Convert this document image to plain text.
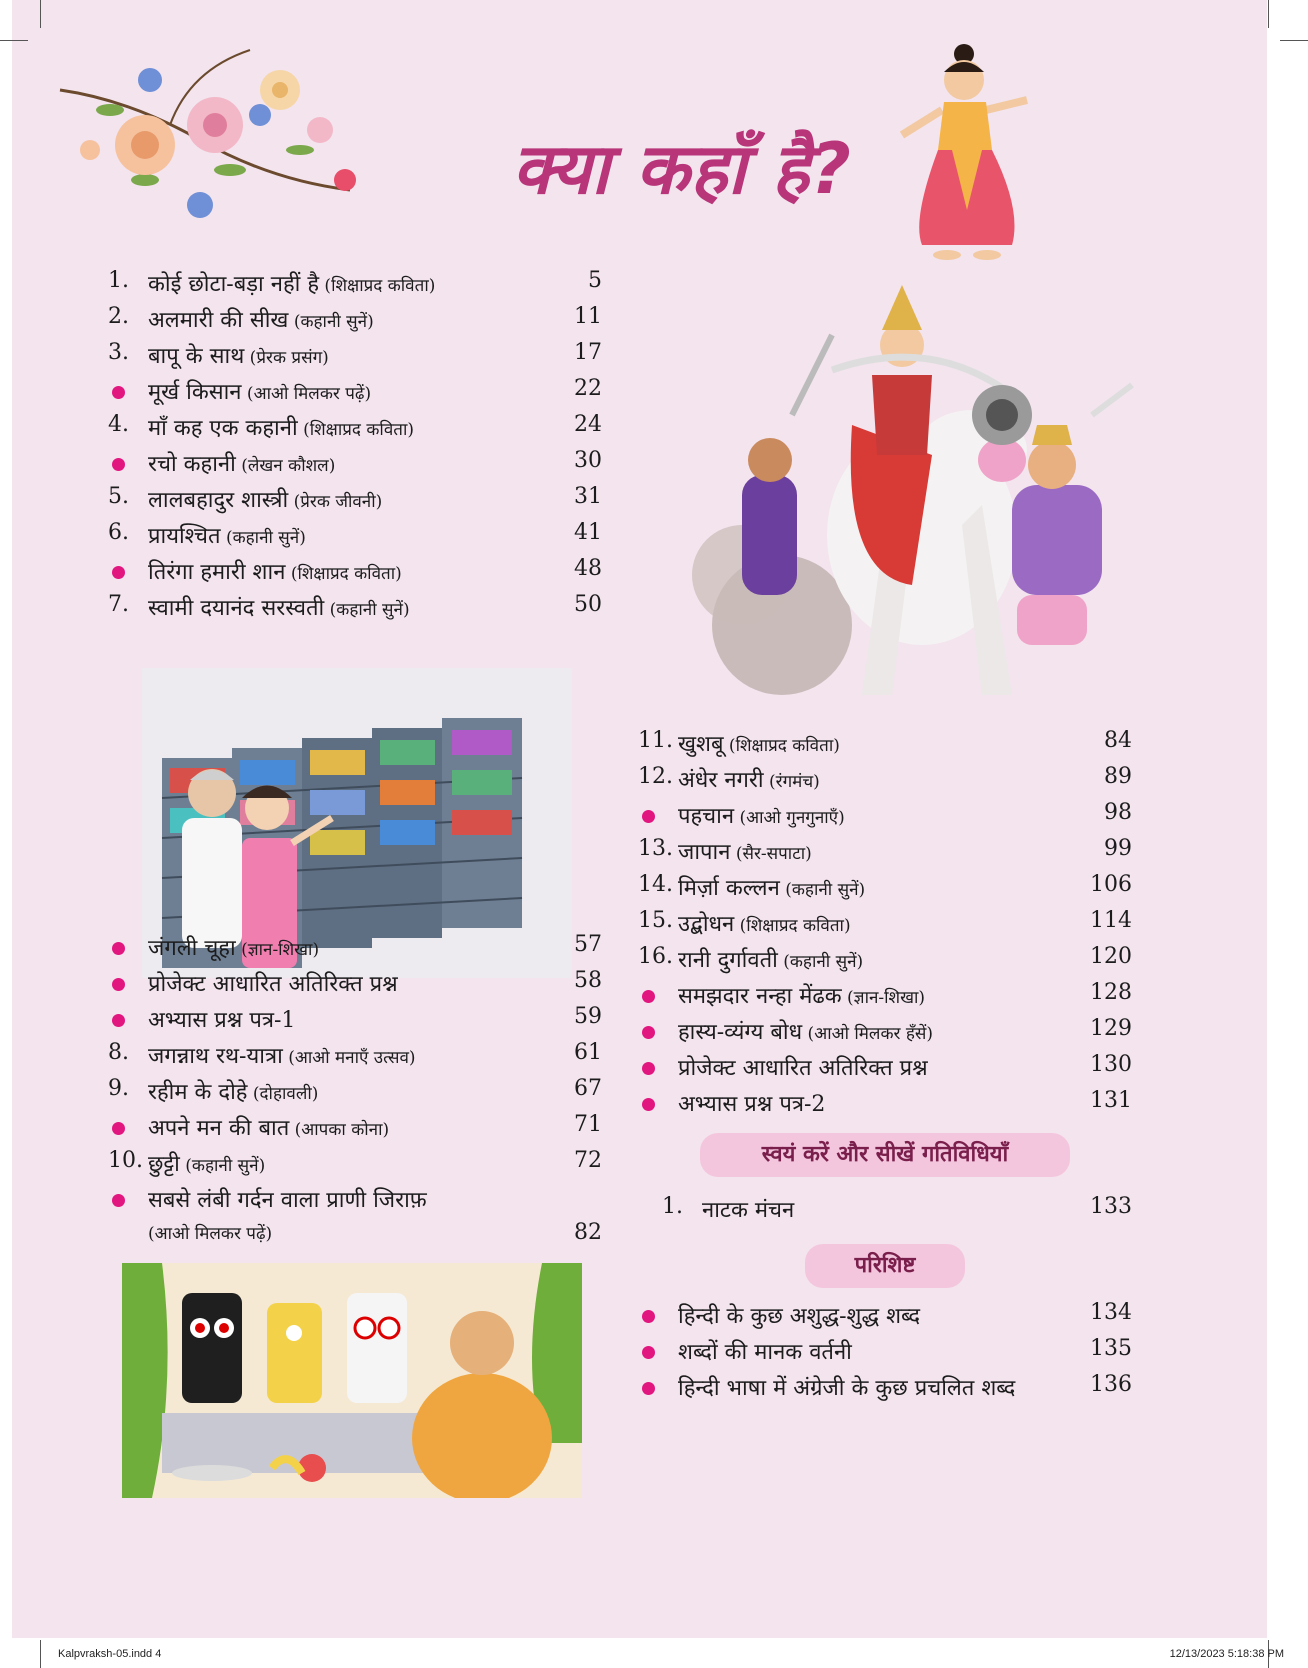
क्या कहाँ है?
1. कोई छोटा-बड़ा नहीं है (शिक्षाप्रद कविता)	5
2. अलमारी की सीख (कहानी सुनें)	11
3. बापू के साथ (प्रेरक प्रसंग)	17
मूर्ख किसान (आओ मिलकर पढ़ें)	22
4. माँ कह एक कहानी (शिक्षाप्रद कविता)	24
रचो कहानी (लेखन कौशल)	30
5. लालबहादुर शास्त्री (प्रेरक जीवनी)	31
6. प्रायश्चित (कहानी सुनें)	41
तिरंगा हमारी शान (शिक्षाप्रद कविता)	48
7. स्वामी दयानंद सरस्वती (कहानी सुनें)	50
जंगली चूहा (ज्ञान-शिखा)	57
प्रोजेक्ट आधारित अतिरिक्त प्रश्न	58
अभ्यास प्रश्न पत्र-1	59
8. जगन्नाथ रथ-यात्रा (आओ मनाएँ उत्सव)	61
9. रहीम के दोहे (दोहावली)	67
अपने मन की बात (आपका कोना)	71
10. छुट्टी (कहानी सुनें)	72
सबसे लंबी गर्दन वाला प्राणी जिराफ़
(आओ मिलकर पढ़ें)	82
11. खुशबू (शिक्षाप्रद कविता)	84
12. अंधेर नगरी (रंगमंच)	89
पहचान (आओ गुनगुनाएँ)	98
13. जापान (सैर-सपाटा)	99
14. मिर्ज़ा कल्लन (कहानी सुनें)	106
15. उद्बोधन (शिक्षाप्रद कविता)	114
16. रानी दुर्गावती (कहानी सुनें)	120
समझदार नन्हा मेंढक (ज्ञान-शिखा)	128
हास्य-व्यंग्य बोध (आओ मिलकर हँसें)	129
प्रोजेक्ट आधारित अतिरिक्त प्रश्न	130
अभ्यास प्रश्न पत्र-2	131
स्वयं करें और सीखें गतिविधियाँ
1. नाटक मंचन	133
परिशिष्ट
हिन्दी के कुछ अशुद्ध-शुद्ध शब्द	134
शब्दों की मानक वर्तनी	135
हिन्दी भाषा में अंग्रेजी के कुछ प्रचलित शब्द	136
Kalpvraksh-05.indd 4	12/13/2023 5:18:38 PM
